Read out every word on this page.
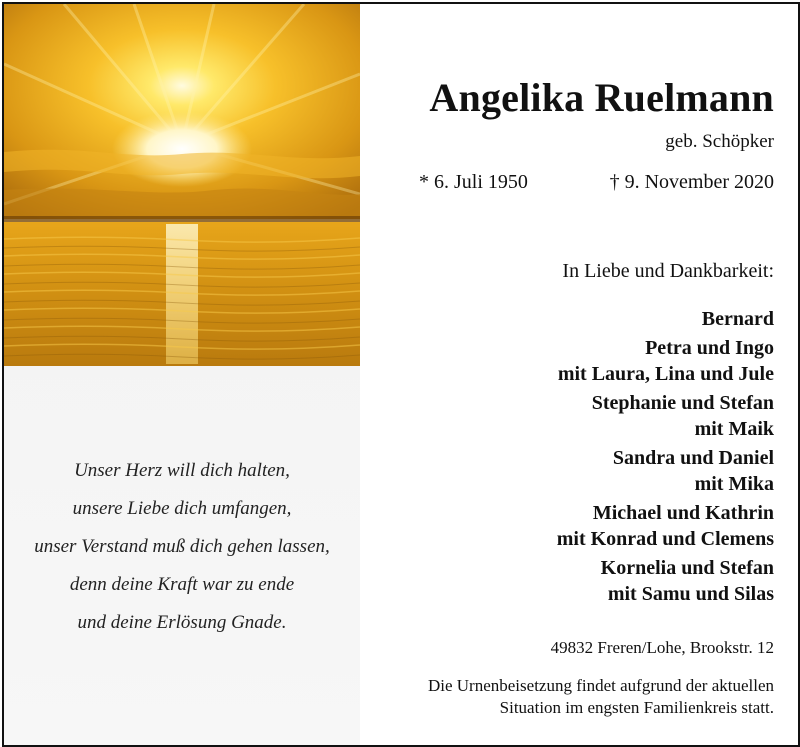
Unser Herz will dich halten,
unsere Liebe dich umfangen,
unser Verstand muß dich gehen lassen,
denn deine Kraft war zu ende
und deine Erlösung Gnade.
Angelika Ruelmann
geb. Schöpker
* 6. Juli 1950	† 9. November 2020
In Liebe und Dankbarkeit:
Bernard
Petra und Ingo
mit Laura, Lina und Jule
Stephanie und Stefan
mit Maik
Sandra und Daniel
mit Mika
Michael und Kathrin
mit Konrad und Clemens
Kornelia und Stefan
mit Samu und Silas
49832 Freren/Lohe, Brookstr. 12
Die Urnenbeisetzung findet aufgrund der aktuellen
Situation im engsten Familienkreis statt.
